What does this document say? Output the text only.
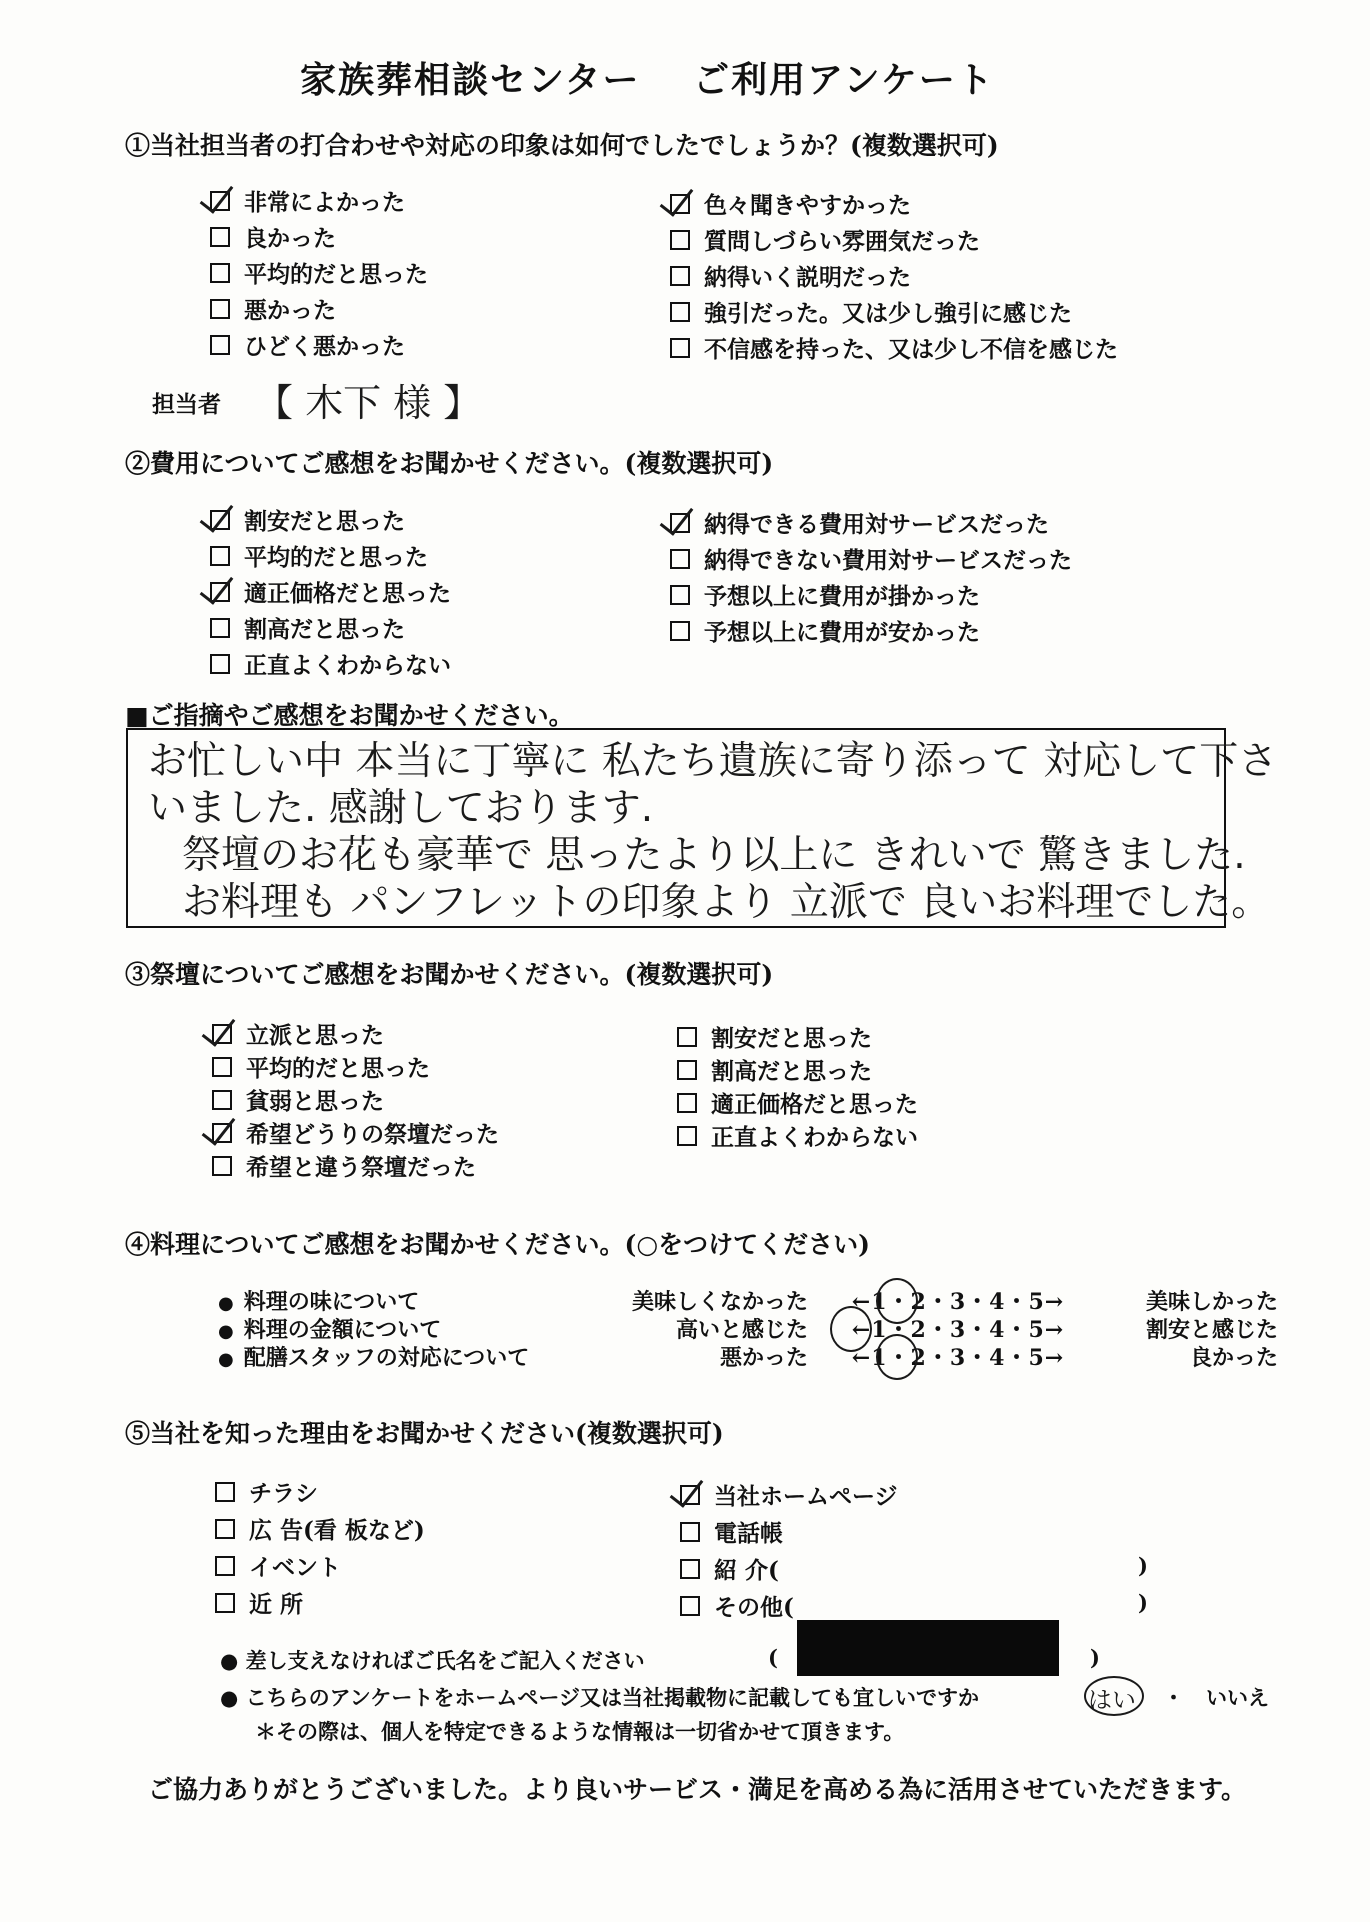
家族葬相談センター　 ご利用アンケート
①当社担当者の打合わせや対応の印象は如何でしたでしょうか？(複数選択可)
非常によかった
良かった
平均的だと思った
悪かった
ひどく悪かった
色々聞きやすかった
質問しづらい雰囲気だった
納得いく説明だった
強引だった。又は少し強引に感じた
不信感を持った、又は少し不信を感じた
担当者 【 木下 様 】
②費用についてご感想をお聞かせください。(複数選択可)
割安だと思った
平均的だと思った
適正価格だと思った
割高だと思った
正直よくわからない
納得できる費用対サービスだった
納得できない費用対サービスだった
予想以上に費用が掛かった
予想以上に費用が安かった
■ご指摘やご感想をお聞かせください。
お忙しい中 本当に丁寧に 私たち遺族に寄り添って 対応して下さ
いました. 感謝しております.
祭壇のお花も豪華で 思ったより以上に きれいで 驚きました.
お料理も パンフレットの印象より 立派で 良いお料理でした。
③祭壇についてご感想をお聞かせください。(複数選択可)
立派と思った
平均的だと思った
貧弱と思った
希望どうりの祭壇だった
希望と違う祭壇だった
割安だと思った
割高だと思った
適正価格だと思った
正直よくわからない
④料理についてご感想をお聞かせください。(○をつけてください)
● 料理の味について	美味しくなかった	←1・2・3・4・5→	美味しかった
● 料理の金額について	高いと感じた	←1・2・3・4・5→	割安と感じた
● 配膳スタッフの対応について	悪かった	←1・2・3・4・5→	良かった
⑤当社を知った理由をお聞かせください(複数選択可)
チラシ
広 告(看 板など)
イベント
近 所
当社ホームページ
電話帳
紹 介(
その他(
)
)
● 差し支えなければご氏名をご記入ください	(	)
● こちらのアンケートをホームページ又は当社掲載物に記載しても宜しいですか	はい ・ いいえ
＊その際は、個人を特定できるような情報は一切省かせて頂きます。
ご協力ありがとうございました。より良いサービス・満足を高める為に活用させていただきます。
